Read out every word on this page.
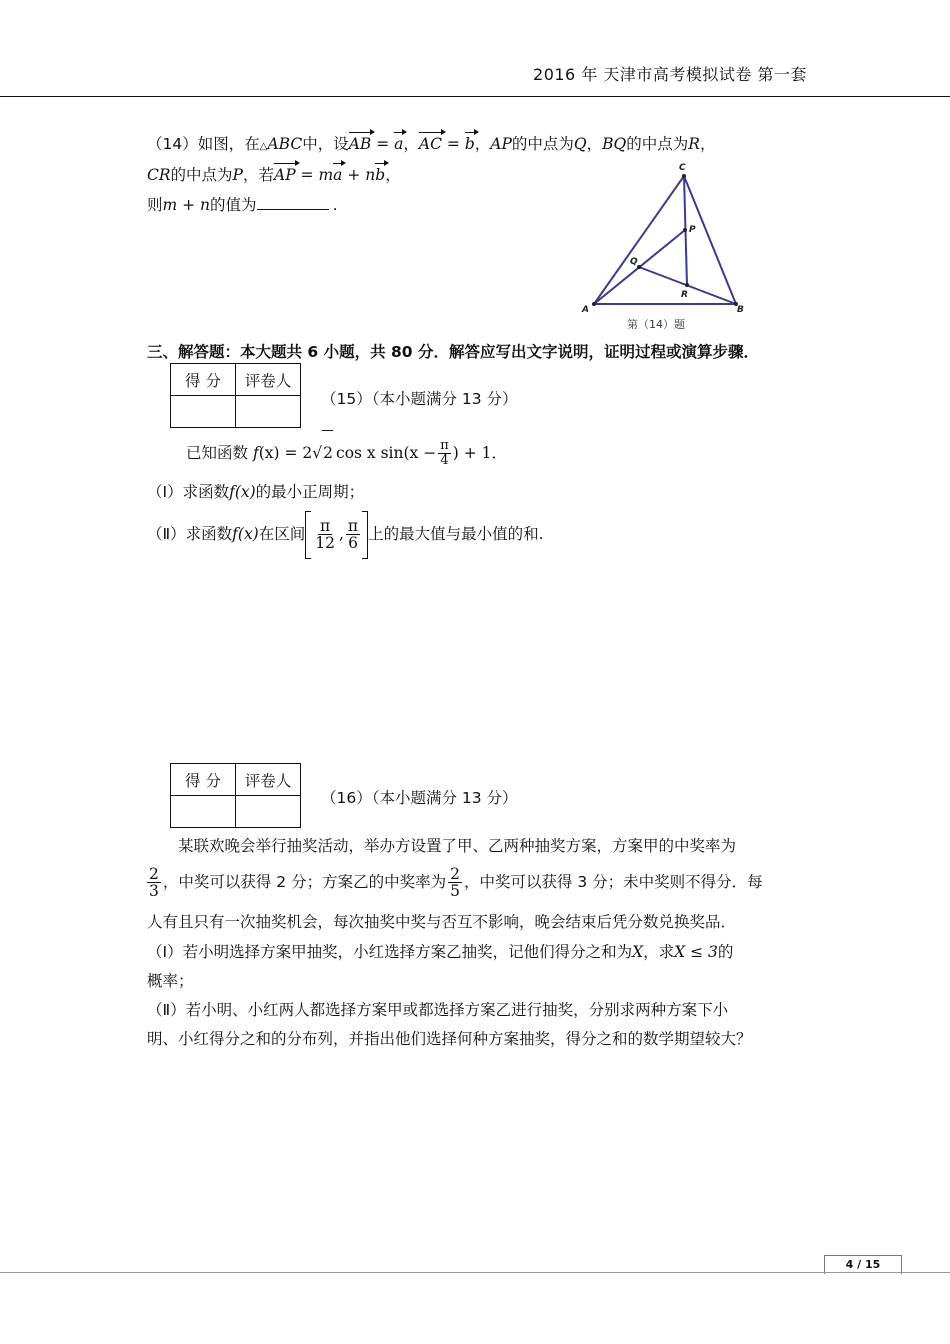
2016 年 天津市高考模拟试卷 第一套
（14）如图，在△ABC中，设AB = a，AC = b，AP的中点为Q，BQ的中点为R，
CR的中点为P，若AP = ma + nb，
则m + n的值为	.
C
P
Q
R
A	B
第（14）题
三、解答题：本大题共 6 小题，共 80 分．解答应写出文字说明，证明过程或演算步骤．
得 分	评卷人

（15）（本小题满分 13 分）
已知函数 f(x) = 2√2 cos x $\sin(x - \frac{\pi}{4}$ ) + 1．
（Ⅰ）求函数f(x)的最小正周期；
（Ⅱ）求函数f(x)在区间 $\frac{\pi}{12}$ , $\frac{\pi}{6}$ 上的最大值与最小值的和.
得 分	评卷人

（16）（本小题满分 13 分）
某联欢晚会举行抽奖活动，举办方设置了甲、乙两种抽奖方案，方案甲的中奖率为
$\frac{2}{3}$ ，中奖可以获得 2 分；方案乙的中奖率为 $\frac{2}{5}$ ，中奖可以获得 3 分；未中奖则不得分．每
人有且只有一次抽奖机会，每次抽奖中奖与否互不影响，晚会结束后凭分数兑换奖品．
（Ⅰ）若小明选择方案甲抽奖，小红选择方案乙抽奖，记他们得分之和为X，求X ≤ 3的
概率；
（Ⅱ）若小明、小红两人都选择方案甲或都选择方案乙进行抽奖，分别求两种方案下小
明、小红得分之和的分布列，并指出他们选择何种方案抽奖，得分之和的数学期望较大？
4 / 15
